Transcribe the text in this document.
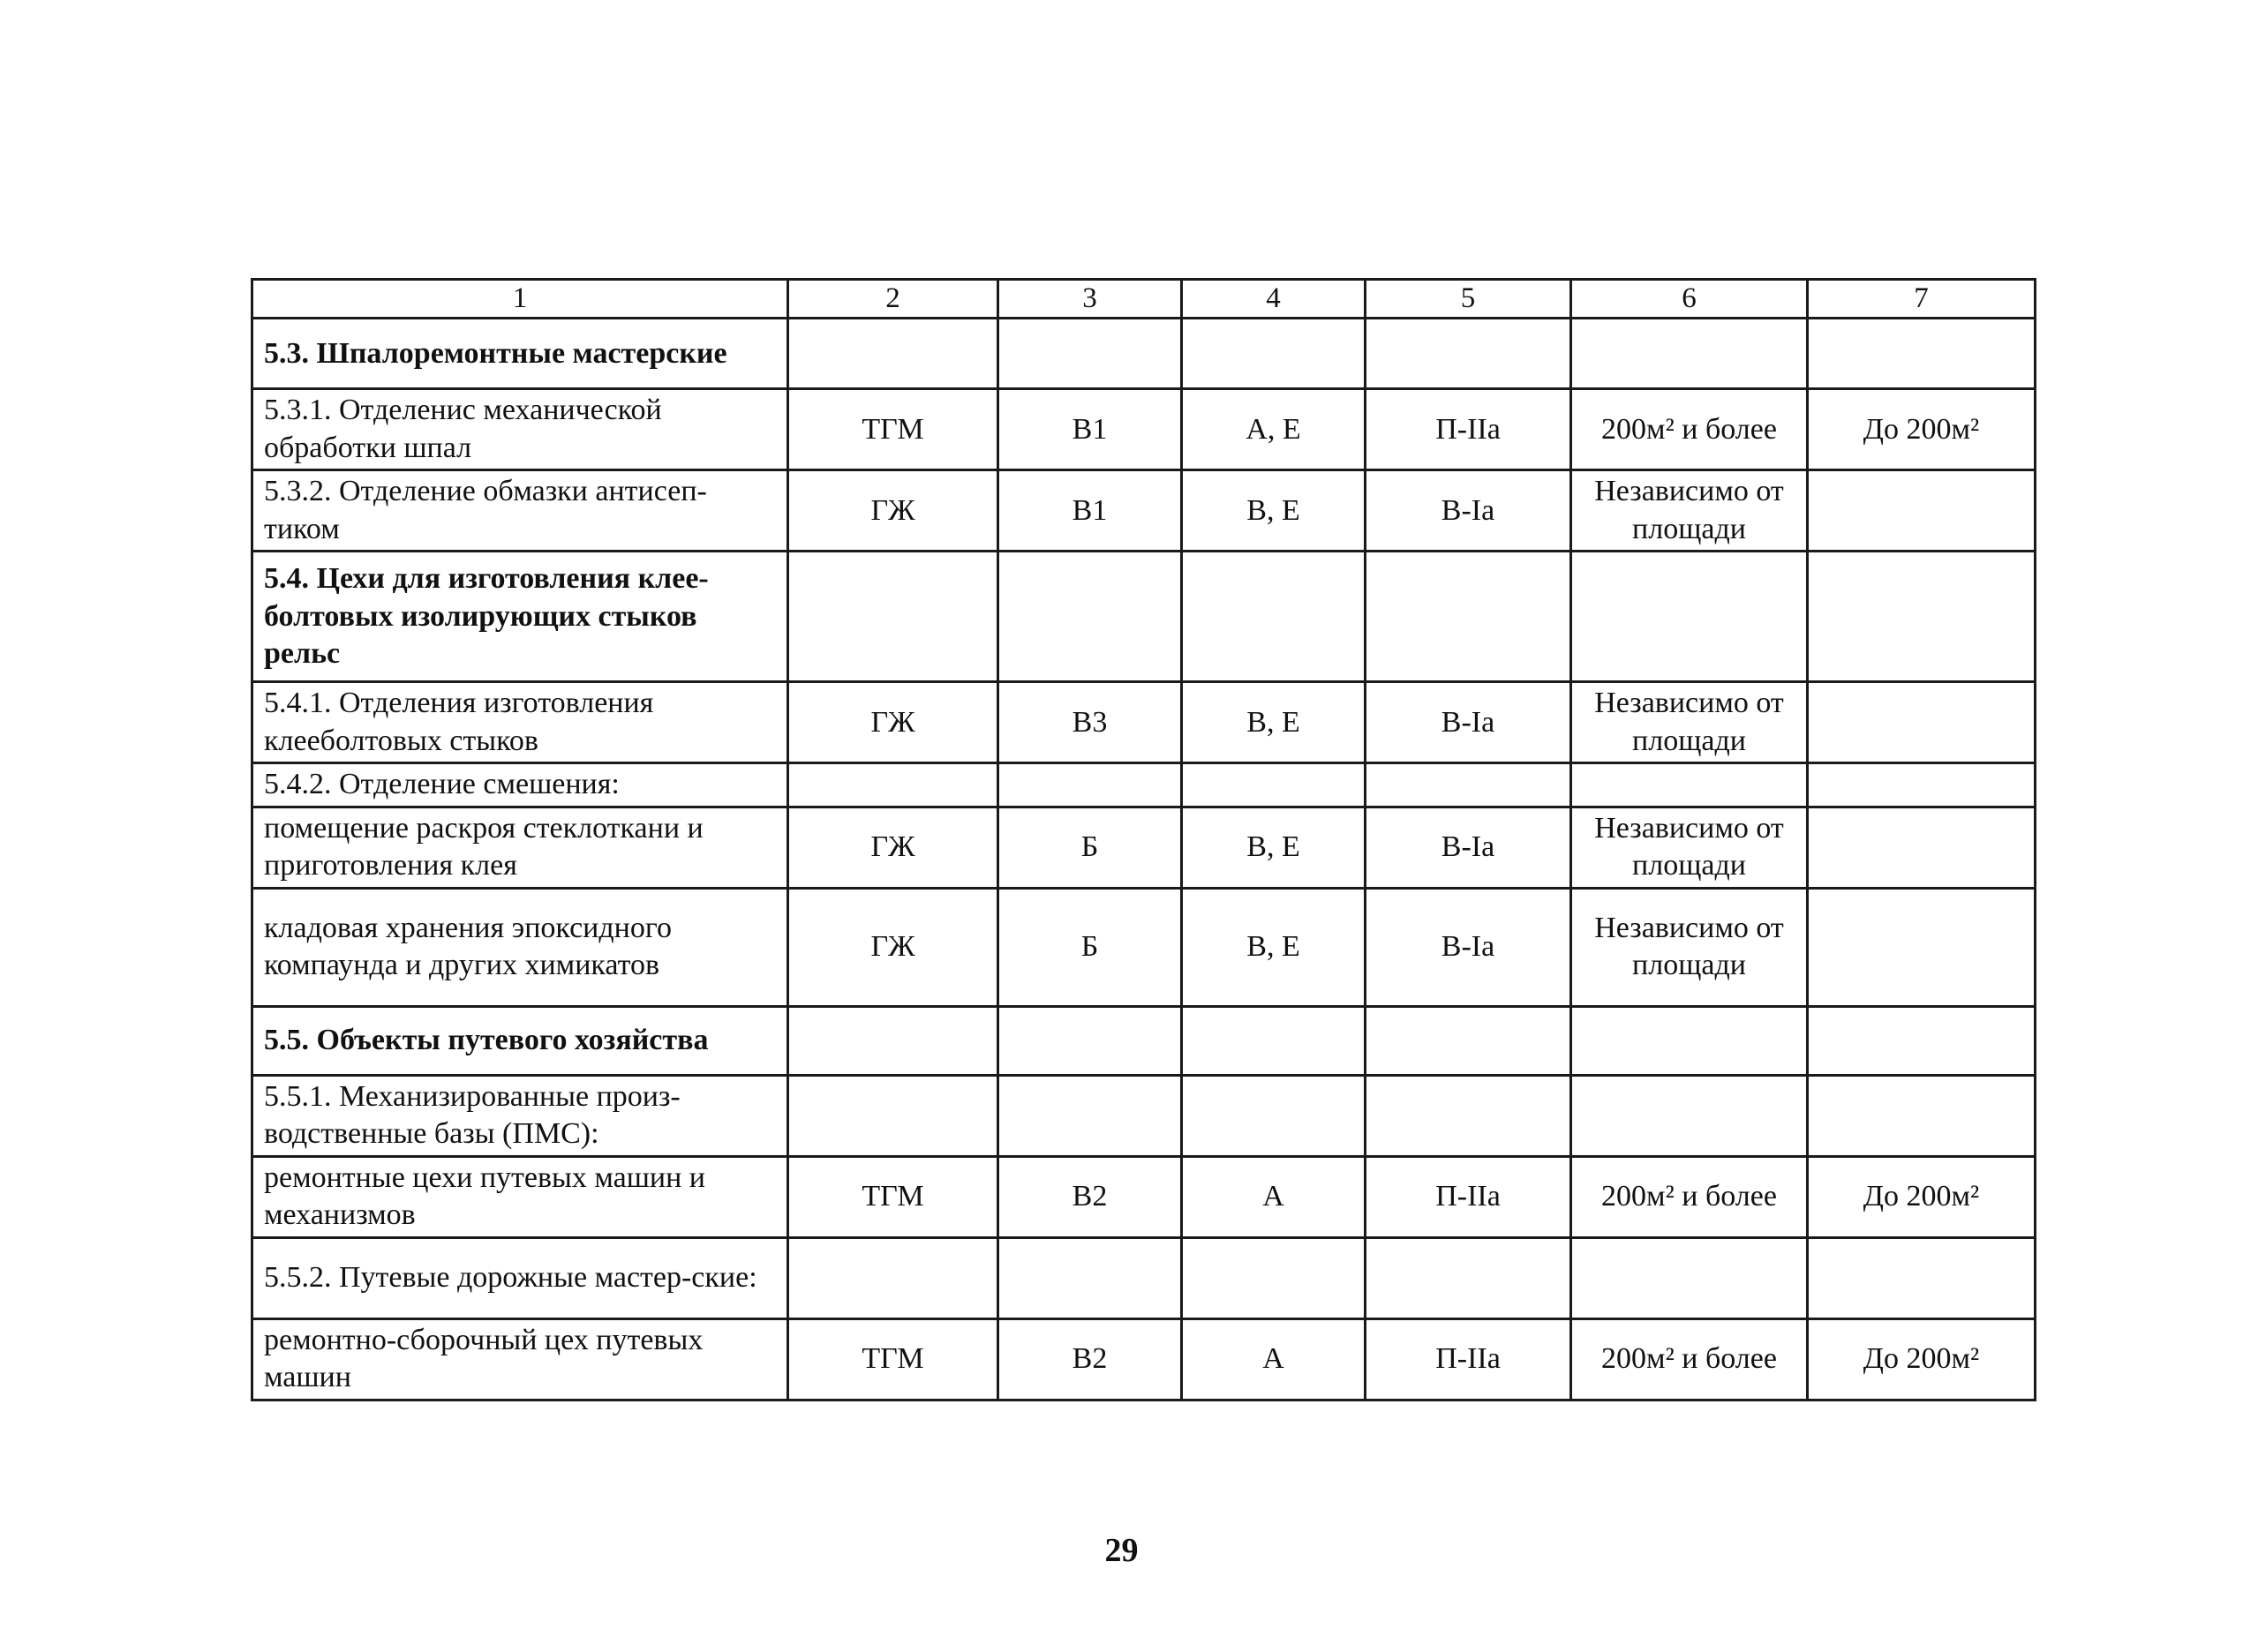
1	2	3	4	5	6	7
5.3. Шпалоремонтные мастерские						
5.3.1. Отделенис механической обработки шпал	ТГМ	В1	А, Е	П-IIa	200м² и более	До 200м²
5.3.2. Отделение обмазки антисеп-тиком	ГЖ	В1	В, Е	В-Ia	Независимо от площади	
5.4. Цехи для изготовления клее-болтовых изолирующих стыков рельс						
5.4.1. Отделения изготовления клееболтовых стыков	ГЖ	В3	В, Е	В-Ia	Независимо от площади	
5.4.2. Отделение смешения:						
помещение раскроя стеклоткани и приготовления клея	ГЖ	Б	В, Е	В-Ia	Независимо от площади	
кладовая хранения эпоксидного компаунда и других химикатов	ГЖ	Б	В, Е	В-Ia	Независимо от площади	
5.5. Объекты путевого хозяйства						
5.5.1. Механизированные произ-водственные базы (ПМС):						
ремонтные цехи путевых машин и механизмов	ТГМ	В2	А	П-IIa	200м² и более	До 200м²
5.5.2. Путевые дорожные мастер-ские:						
ремонтно-сборочный цех путевых машин	ТГМ	В2	А	П-IIa	200м² и более	До 200м²
29
